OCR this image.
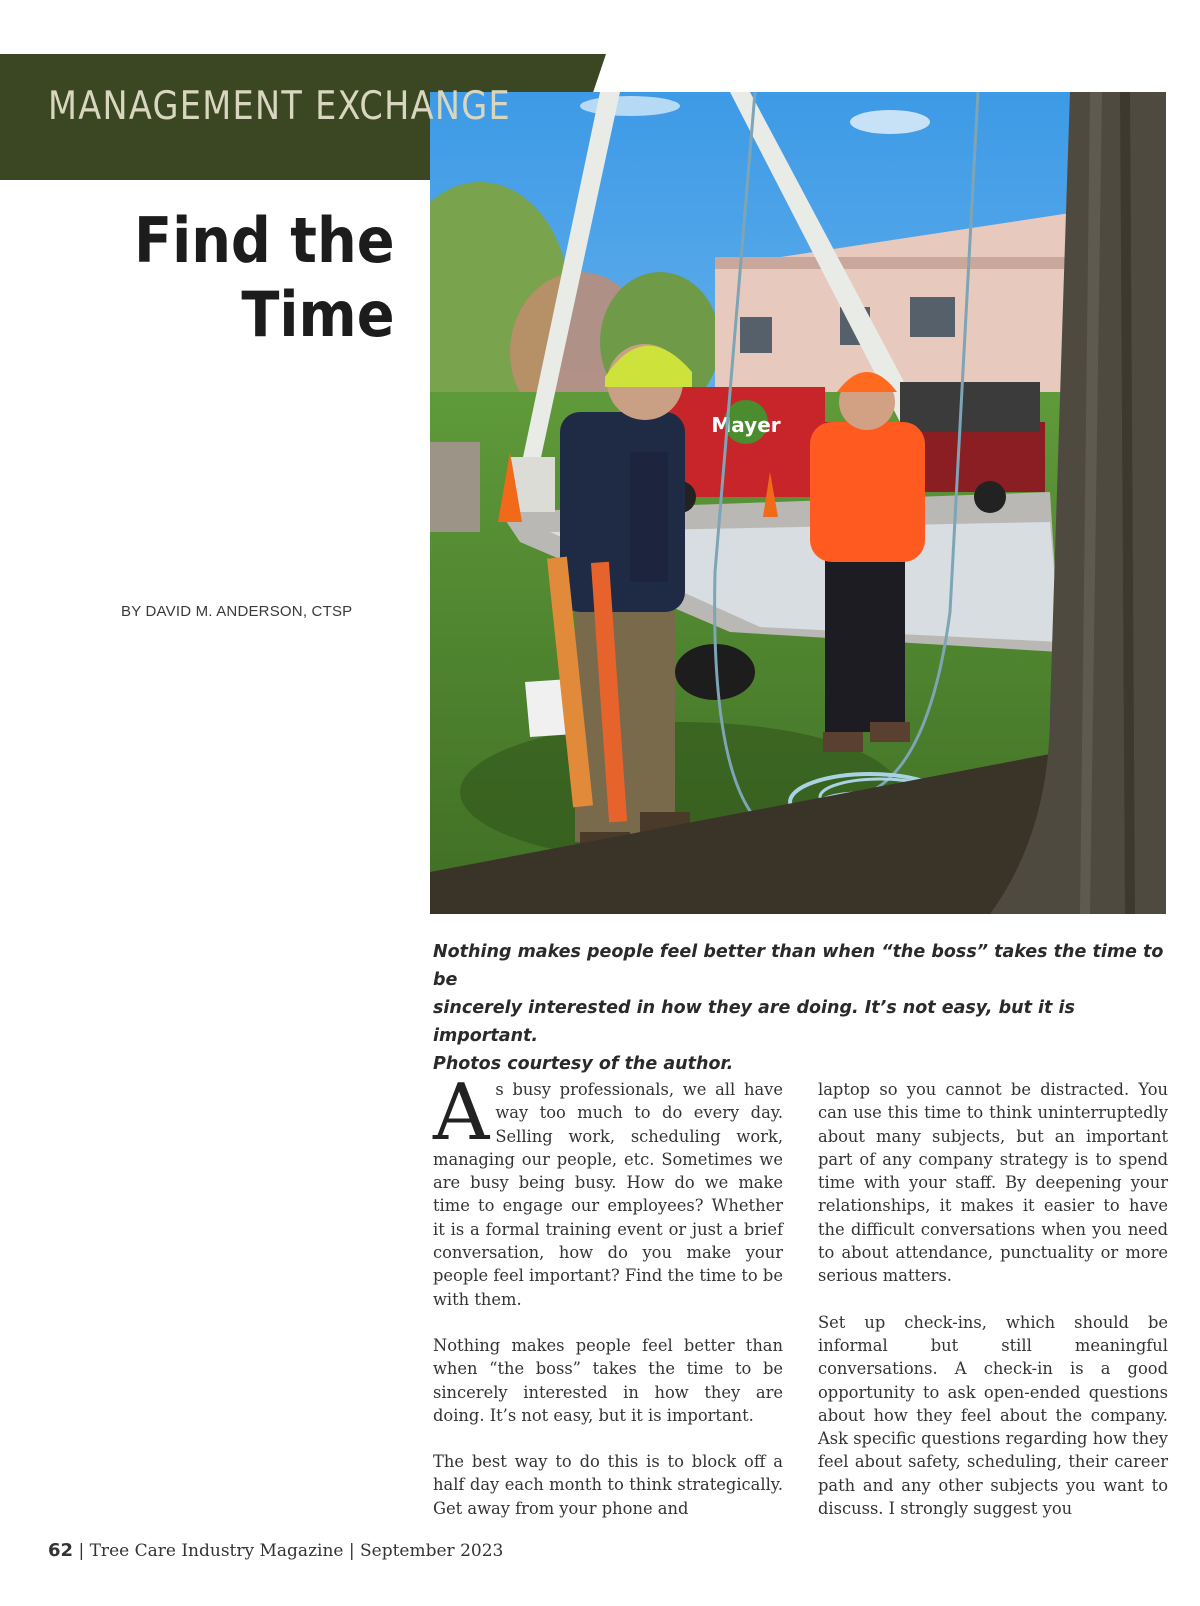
Mayer
MANAGEMENT EXCHANGE
Find the
Time
BY DAVID M. ANDERSON, CTSP

Nothing makes people feel better than when “the boss” takes the time to be

sincerely interested in how they are doing. It’s not easy, but it is important.

Photos courtesy of the author.

As busy professionals, we all have way too much to do every day. Selling work, scheduling work, managing our people, etc. Sometimes we are busy being busy. How do we make time to engage our employees? Whether it is a formal training event or just a brief conversation, how do you make your people feel important? Find the time to be with them.

Nothing makes people feel better than when “the boss” takes the time to be sincerely interested in how they are doing. It’s not easy, but it is important.

The best way to do this is to block off a half day each month to think strategically. Get away from your phone and

laptop so you cannot be distracted. You can use this time to think uninterruptedly about many subjects, but an important part of any company strategy is to spend time with your staff. By deepening your relationships, it makes it easier to have the difficult conversations when you need to about attendance, punctuality or more serious matters.

Set up check-ins, which should be informal but still meaningful conversations. A check-in is a good opportunity to ask open-ended questions about how they feel about the company. Ask specific questions regarding how they feel about safety, scheduling, their career path and any other subjects you want to discuss. I strongly suggest you

62 | Tree Care Industry Magazine | September 2023
